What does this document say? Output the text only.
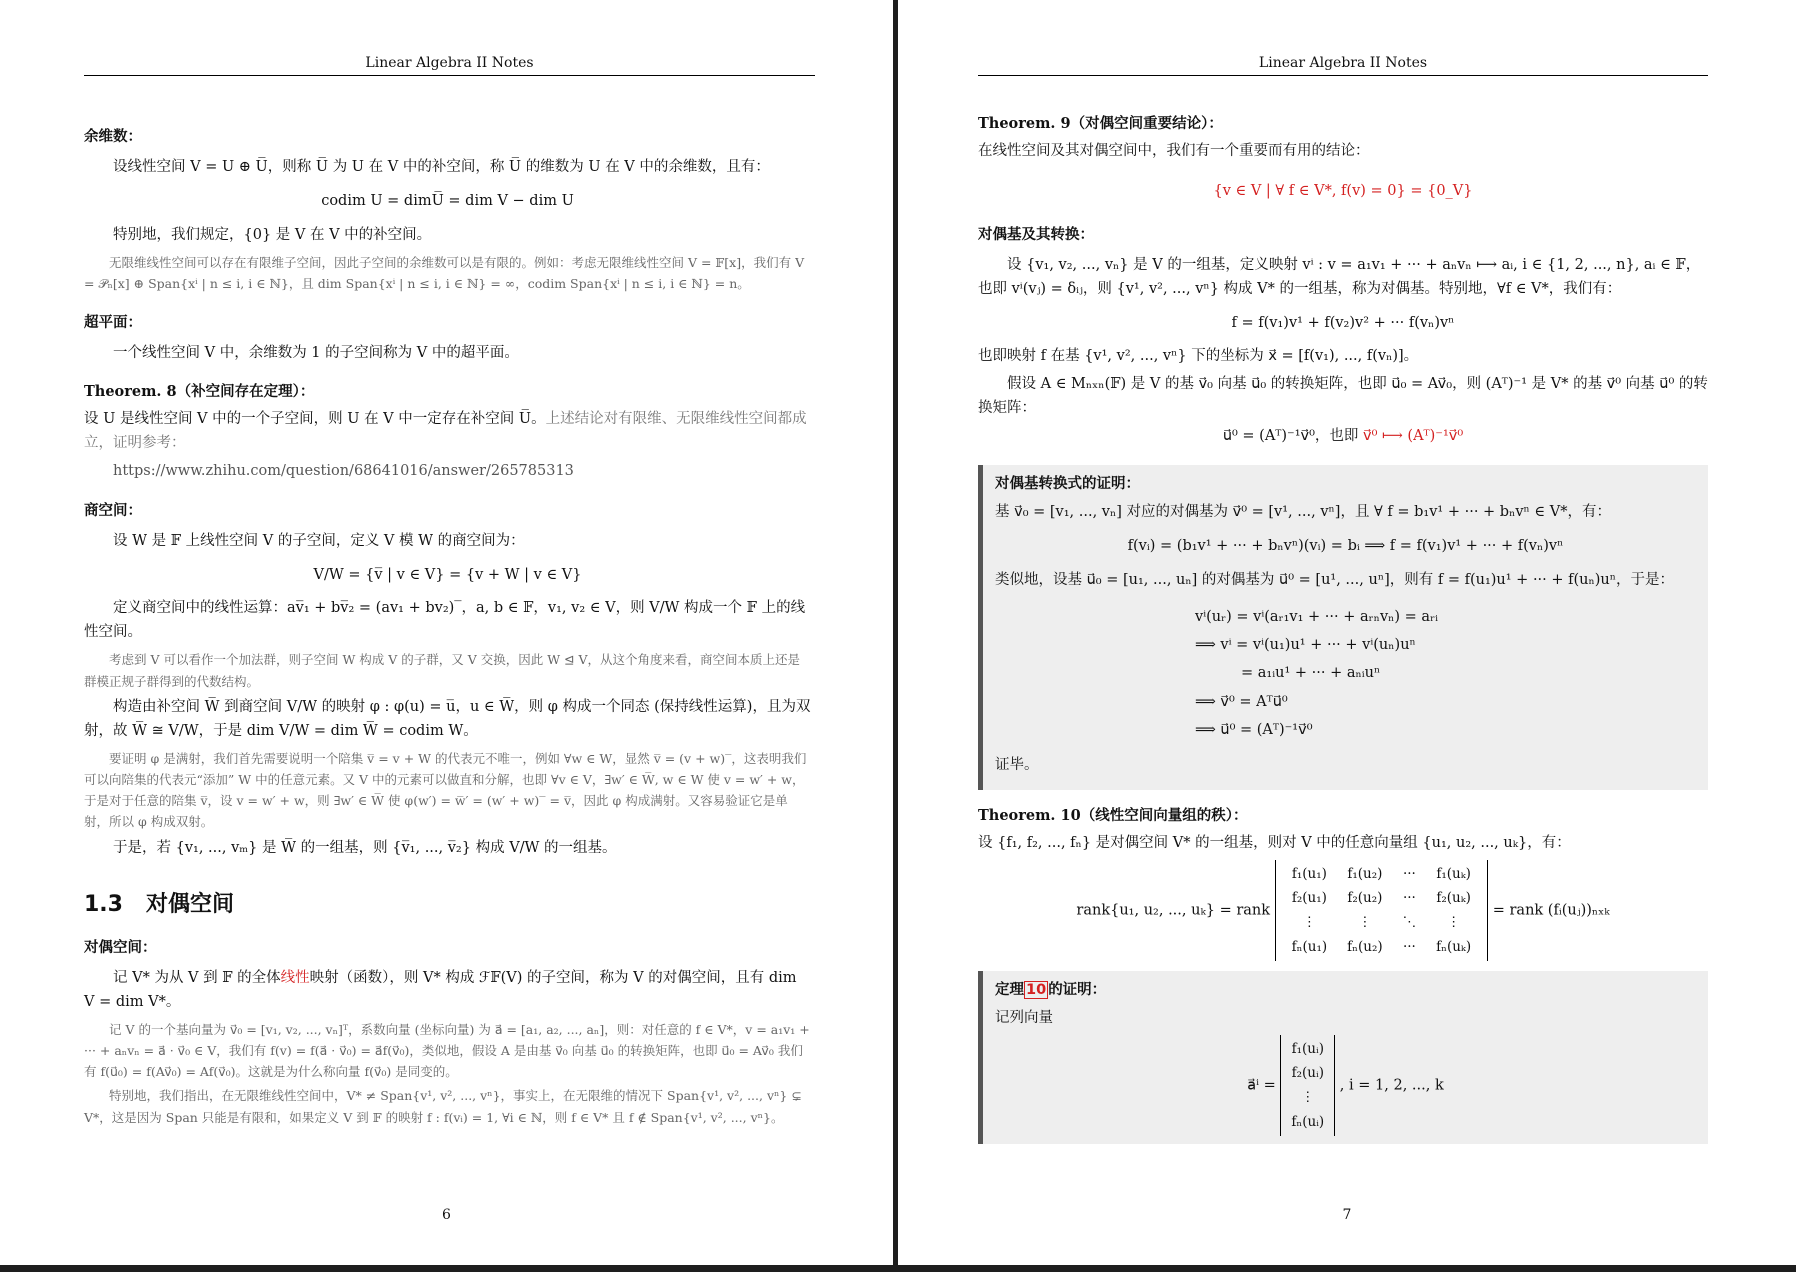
Linear Algebra II Notes
余维数：

设线性空间 V = U ⊕ U̅，则称 U̅ 为 U 在 V 中的补空间，称 U̅ 的维数为 U 在 V 中的余维数，且有：

codim U = dimU̅ = dim V − dim U

特别地，我们规定，{0} 是 V 在 V 中的补空间。

无限维线性空间可以存在有限维子空间，因此子空间的余维数可以是有限的。例如：考虑无限维线性空间 V = 𝔽[x]，我们有 V = 𝒫ₙ[x] ⊕ Span{xⁱ | n ≤ i, i ∈ ℕ}，且 dim Span{xⁱ | n ≤ i, i ∈ ℕ} = ∞，codim Span{xⁱ | n ≤ i, i ∈ ℕ} = n。

超平面：

一个线性空间 V 中，余维数为 1 的子空间称为 V 中的超平面。

Theorem. 8（补空间存在定理）：

设 U 是线性空间 V 中的一个子空间，则 U 在 V 中一定存在补空间 U̅。上述结论对有限维、无限维线性空间都成立，证明参考：

https://www.zhihu.com/question/68641016/answer/265785313

商空间：

设 W 是 𝔽 上线性空间 V 的子空间，定义 V 模 W 的商空间为：

V/W = {v̅ | v ∈ V} = {v + W | v ∈ V}

定义商空间中的线性运算：av̅₁ + bv̅₂ = (av₁ + bv₂)‾，a, b ∈ 𝔽，v₁, v₂ ∈ V，则 V/W 构成一个 𝔽 上的线性空间。

考虑到 V 可以看作一个加法群，则子空间 W 构成 V 的子群，又 V 交换，因此 W ⊴ V，从这个角度来看，商空间本质上还是群模正规子群得到的代数结构。

构造由补空间 W̅ 到商空间 V/W 的映射 φ : φ(u) = u̅，u ∈ W̅，则 φ 构成一个同态 (保持线性运算)，且为双射，故 W̅ ≅ V/W，于是 dim V/W = dim W̅ = codim W。

要证明 φ 是满射，我们首先需要说明一个陪集 v̅ = v + W 的代表元不唯一，例如 ∀w ∈ W，显然 v̅ = (v + w)‾，这表明我们可以向陪集的代表元“添加” W 中的任意元素。又 V 中的元素可以做直和分解，也即 ∀v ∈ V，∃w′ ∈ W̅, w ∈ W 使 v = w′ + w，于是对于任意的陪集 v̅，设 v = w′ + w，则 ∃w′ ∈ W̅ 使 φ(w′) = w̅′ = (w′ + w)‾ = v̅，因此 φ 构成满射。又容易验证它是单射，所以 φ 构成双射。

于是，若 {v₁, ..., vₘ} 是 W̅ 的一组基，则 {v̅₁, ..., v̅₂} 构成 V/W 的一组基。

1.3 对偶空间
对偶空间：

记 V* 为从 V 到 𝔽 的全体线性映射（函数），则 V* 构成 ℱ𝔽(V) 的子空间，称为 V 的对偶空间，且有 dim V = dim V*。

记 V 的一个基向量为 v⃗₀ = [v₁, v₂, ..., vₙ]ᵀ，系数向量 (坐标向量) 为 a⃗ = [a₁, a₂, ..., aₙ]，则：对任意的 f ∈ V*，v = a₁v₁ + ··· + aₙvₙ = a⃗ · v⃗₀ ∈ V，我们有 f(v) = f(a⃗ · v⃗₀) = a⃗f(v⃗₀)，类似地，假设 A 是由基 v⃗₀ 向基 u⃗₀ 的转换矩阵，也即 u⃗₀ = Av⃗₀ 我们有 f(u⃗₀) = f(Av⃗₀) = Af(v⃗₀)。这就是为什么称向量 f(v⃗₀) 是同变的。

特别地，我们指出，在无限维线性空间中，V* ≠ Span{v¹, v², ..., vⁿ}，事实上，在无限维的情况下 Span{v¹, v², ..., vⁿ} ⊊ V*，这是因为 Span 只能是有限和，如果定义 V 到 𝔽 的映射 f : f(vᵢ) = 1, ∀i ∈ ℕ，则 f ∈ V* 且 f ∉ Span{v¹, v², ..., vⁿ}。

6
Linear Algebra II Notes

Theorem. 9（对偶空间重要结论）：

在线性空间及其对偶空间中，我们有一个重要而有用的结论：

{v ∈ V | ∀ f ∈ V*, f(v) = 0} = {0_V}
对偶基及其转换：

设 {v₁, v₂, ..., vₙ} 是 V 的一组基，定义映射 vⁱ : v = a₁v₁ + ··· + aₙvₙ ⟼ aᵢ, i ∈ {1, 2, ..., n}, aᵢ ∈ 𝔽，也即 vⁱ(vⱼ) = δᵢⱼ，则 {v¹, v², ..., vⁿ} 构成 V* 的一组基，称为对偶基。特别地，∀f ∈ V*，我们有：

f = f(v₁)v¹ + f(v₂)v² + ··· f(vₙ)vⁿ

也即映射 f 在基 {v¹, v², ..., vⁿ} 下的坐标为 x⃗ = [f(v₁), ..., f(vₙ)]。

假设 A ∈ Mₙₓₙ(𝔽) 是 V 的基 v⃗₀ 向基 u⃗₀ 的转换矩阵，也即 u⃗₀ = Av⃗₀，则 (Aᵀ)⁻¹ 是 V* 的基 v⃗⁰ 向基 u⃗⁰ 的转换矩阵：

u⃗⁰ = (Aᵀ)⁻¹v⃗⁰，也即 v⃗⁰ ⟼ (Aᵀ)⁻¹v⃗⁰
对偶基转换式的证明：

基 v⃗₀ = [v₁, ..., vₙ] 对应的对偶基为 v⃗⁰ = [v¹, ..., vⁿ]，且 ∀ f = b₁v¹ + ··· + bₙvⁿ ∈ V*，有：

f(vᵢ) = (b₁v¹ + ··· + bₙvⁿ)(vᵢ) = bᵢ ⟹ f = f(v₁)v¹ + ··· + f(vₙ)vⁿ

类似地，设基 u⃗₀ = [u₁, ..., uₙ] 的对偶基为 u⃗⁰ = [u¹, ..., uⁿ]，则有 f = f(u₁)u¹ + ··· + f(uₙ)uⁿ，于是：

vⁱ(uᵣ) = vⁱ(aᵣ₁v₁ + ··· + aᵣₙvₙ) = aᵣᵢ
⟹ vⁱ = vⁱ(u₁)u¹ + ··· + vⁱ(uₙ)uⁿ
= a₁ᵢu¹ + ··· + aₙᵢuⁿ
⟹ v⃗⁰ = Aᵀu⃗⁰
⟹ u⃗⁰ = (Aᵀ)⁻¹v⃗⁰

证毕。

Theorem. 10（线性空间向量组的秩）：

设 {f₁, f₂, ..., fₙ} 是对偶空间 V* 的一组基，则对 V 中的任意向量组 {u₁, u₂, ..., uₖ}，有：

rank{u₁, u₂, ..., uₖ} = rank
f₁(u₁)	f₁(u₂)	···	f₁(uₖ)
f₂(u₁)	f₂(u₂)	···	f₂(uₖ)
⋮	⋮	⋱	⋮
fₙ(u₁)	fₙ(u₂)	···	fₙ(uₖ)
= rank (fᵢ(uⱼ))ₙₓₖ
定理 10 的证明：

记列向量

a⃗ⁱ =
f₁(uᵢ)
f₂(uᵢ)
⋮
fₙ(uᵢ)
, i = 1, 2, ..., k
7
